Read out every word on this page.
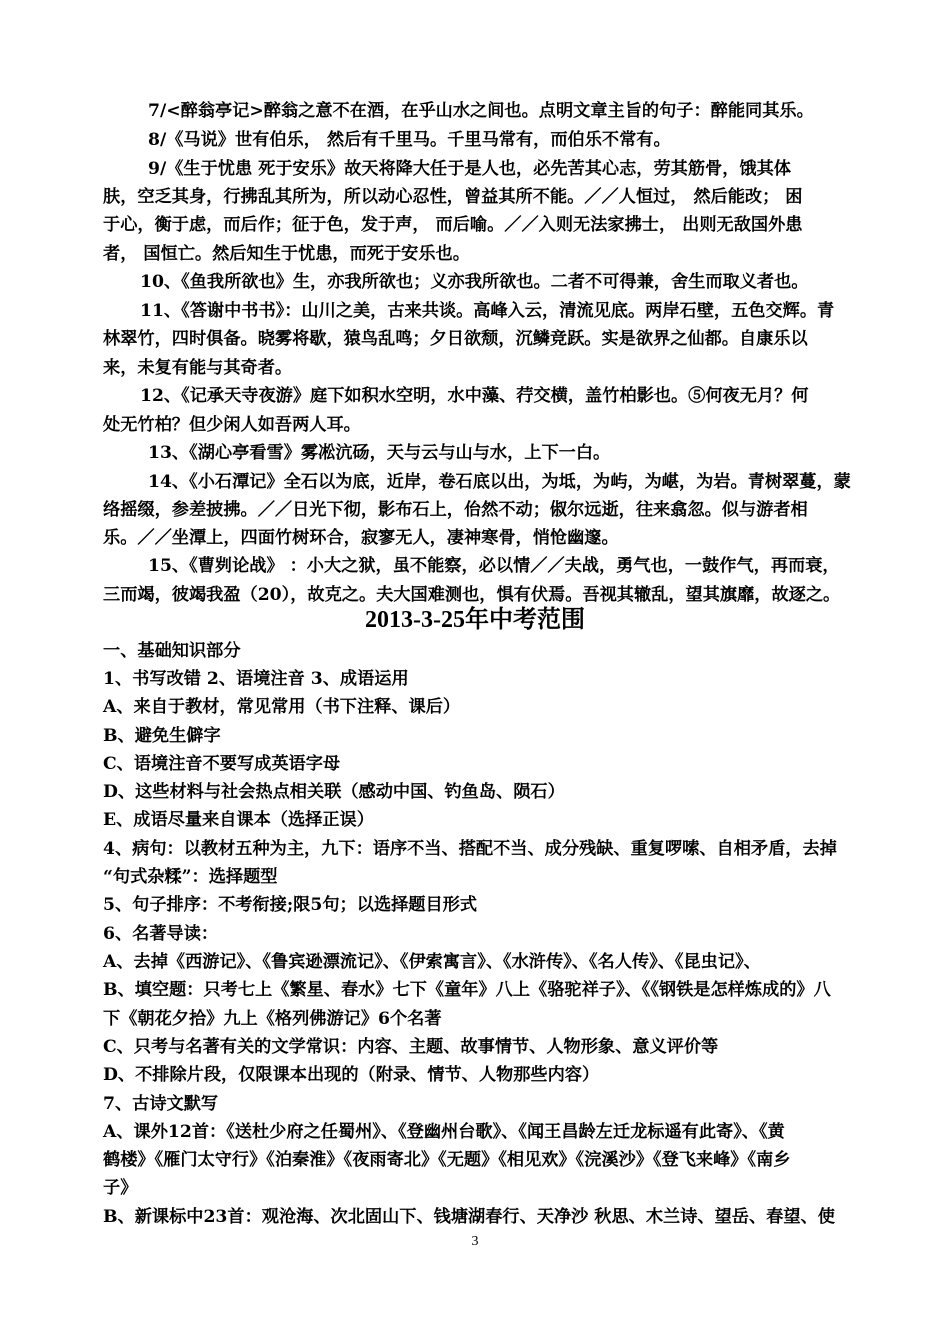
7/<醉翁亭记>醉翁之意不在酒，在乎山水之间也。点明文章主旨的句子：醉能同其乐。
8/《马说》世有伯乐， 然后有千里马。千里马常有，而伯乐不常有。
9/《生于忧患 死于安乐》故天将降大任于是人也，必先苦其心志，劳其筋骨，饿其体
肤，空乏其身，行拂乱其所为，所以动心忍性，曾益其所不能。／／人恒过， 然后能改； 困
于心，衡于虑，而后作；征于色，发于声， 而后喻。／／入则无法家拂士， 出则无敌国外患
者， 国恒亡。然后知生于忧患，而死于安乐也。
10、《鱼我所欲也》生，亦我所欲也；义亦我所欲也。二者不可得兼，舍生而取义者也。
11、《答谢中书书》：山川之美，古来共谈。高峰入云，清流见底。两岸石壁，五色交辉。青
林翠竹，四时俱备。晓雾将歇，猿鸟乱鸣；夕日欲颓，沉鳞竞跃。实是欲界之仙都。自康乐以
来，未复有能与其奇者。
12、《记承天寺夜游》庭下如积水空明，水中藻、荇交横，盖竹柏影也。⑤何夜无月？何
处无竹柏？但少闲人如吾两人耳。
13、《湖心亭看雪》雾凇沆砀，天与云与山与水，上下一白。
14、《小石潭记》全石以为底，近岸，卷石底以出，为坻，为屿，为嵁，为岩。青树翠蔓，蒙
络摇缀，参差披拂。／／日光下彻，影布石上，佁然不动；俶尔远逝，往来翕忽。似与游者相
乐。／／坐潭上，四面竹树环合，寂寥无人，凄神寒骨，悄怆幽邃。
15、《曹刿论战》 ：小大之狱，虽不能察，必以情／／夫战，勇气也，一鼓作气，再而衰，
三而竭，彼竭我盈（20），故克之。夫大国难测也，惧有伏焉。吾视其辙乱，望其旗靡，故逐之。
2013-3-25年中考范围
一、基础知识部分
1、书写改错 2、语境注音 3、成语运用
A、来自于教材，常见常用（书下注释、课后）
B、避免生僻字
C、语境注音不要写成英语字母
D、这些材料与社会热点相关联（感动中国、钓鱼岛、陨石）
E、成语尽量来自课本（选择正误）
4、病句：以教材五种为主，九下：语序不当、搭配不当、成分残缺、重复啰嗦、自相矛盾，去掉
“句式杂糅”：选择题型
5、句子排序：不考衔接;限5句；以选择题目形式
6、名著导读：
A、去掉《西游记》、《鲁宾逊漂流记》、《伊索寓言》、《水浒传》、《名人传》、《昆虫记》、
B、填空题：只考七上《繁星、春水》七下《童年》八上《骆驼祥子》、《《钢铁是怎样炼成的》八
下《朝花夕拾》九上《格列佛游记》6个名著
C、只考与名著有关的文学常识：内容、主题、故事情节、人物形象、意义评价等
D、不排除片段，仅限课本出现的（附录、情节、人物那些内容）
7、古诗文默写
A、课外12首：《送杜少府之任蜀州》、《登幽州台歌》、《闻王昌龄左迁龙标遥有此寄》、《黄
鹤楼》《雁门太守行》《泊秦淮》《夜雨寄北》《无题》《相见欢》《浣溪沙》《登飞来峰》《南乡
子》
B、新课标中23首：观沧海、次北固山下、钱塘湖春行、天净沙 秋思、木兰诗、望岳、春望、使
3
